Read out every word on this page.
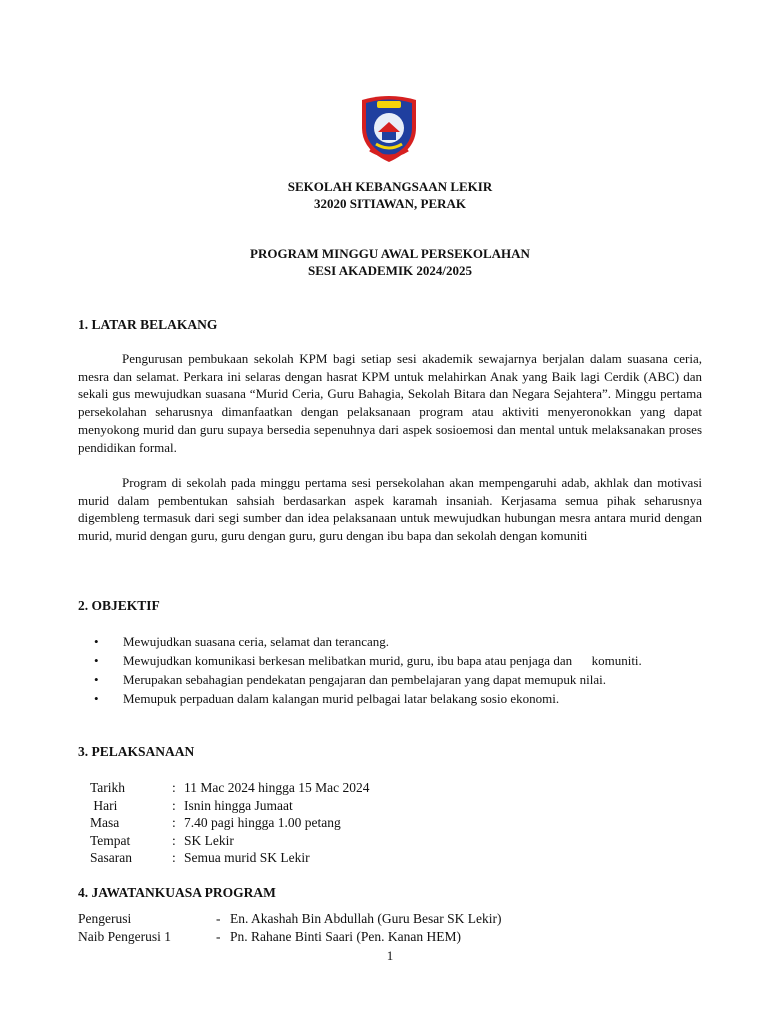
SEKOLAH KEBANGSAAN LEKIR
32020 SITIAWAN, PERAK
PROGRAM MINGGU AWAL PERSEKOLAHAN
SESI AKADEMIK 2024/2025
1. LATAR BELAKANG

Pengurusan pembukaan sekolah KPM bagi setiap sesi akademik sewajarnya berjalan dalam suasana ceria, mesra dan selamat. Perkara ini selaras dengan hasrat KPM untuk melahirkan Anak yang Baik lagi Cerdik (ABC) dan sekali gus mewujudkan suasana “Murid Ceria, Guru Bahagia, Sekolah Bitara dan Negara Sejahtera”. Minggu pertama persekolahan seharusnya dimanfaatkan dengan pelaksanaan program atau aktiviti menyeronokkan yang dapat menyokong murid dan guru supaya bersedia sepenuhnya dari aspek sosioemosi dan mental untuk melaksanakan proses pendidikan formal.

Program di sekolah pada minggu pertama sesi persekolahan akan mempengaruhi adab, akhlak dan motivasi murid dalam pembentukan sahsiah berdasarkan aspek karamah insaniah. Kerjasama semua pihak seharusnya digembleng termasuk dari segi sumber dan idea pelaksanaan untuk mewujudkan hubungan mesra antara murid dengan murid, murid dengan guru, guru dengan guru, guru dengan ibu bapa dan sekolah dengan komuniti

2. OBJEKTIF
• Mewujudkan suasana ceria, selamat dan terancang.
• Mewujudkan komunikasi berkesan melibatkan murid, guru, ibu bapa atau penjaga dan      komuniti.
• Merupakan sebahagian pendekatan pengajaran dan pembelajaran yang dapat memupuk nilai.
• Memupuk perpaduan dalam kalangan murid pelbagai latar belakang sosio ekonomi.
3. PELAKSANAAN
Tarikh	: 11 Mac 2024 hingga 15 Mac 2024
Hari	: Isnin hingga Jumaat
Masa	: 7.40 pagi hingga 1.00 petang
Tempat	: SK Lekir
Sasaran	: Semua murid SK Lekir
4. JAWATANKUASA PROGRAM
Pengerusi	- En. Akashah Bin Abdullah (Guru Besar SK Lekir)
Naib Pengerusi 1	- Pn. Rahane Binti Saari (Pen. Kanan HEM)
1
